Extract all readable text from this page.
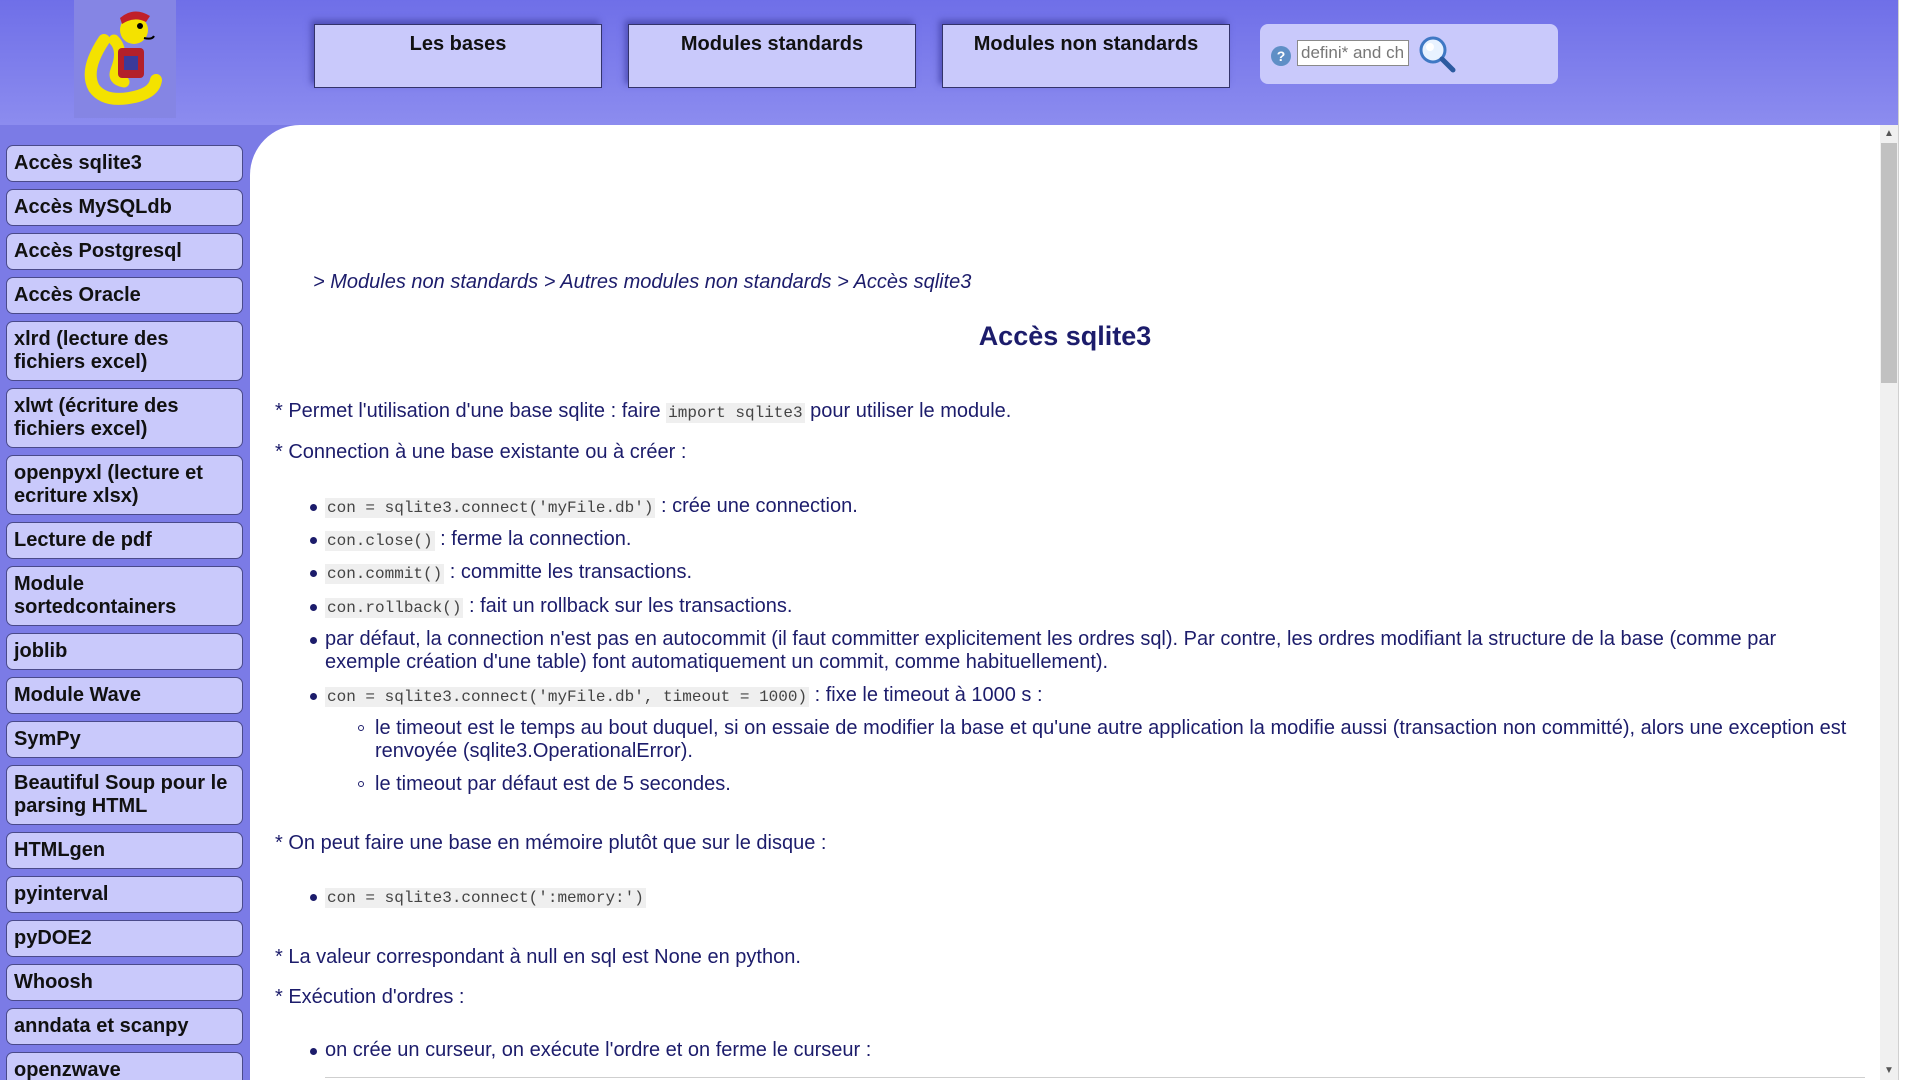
Les bases	Modules standards	Modules non standards
?
defini* and ch
Accès sqlite3
Accès MySQLdb
Accès Postgresql
Accès Oracle
xlrd (lecture des fichiers excel)
xlwt (écriture des fichiers excel)
openpyxl (lecture et ecriture xlsx)
Lecture de pdf
Module sortedcontainers
joblib
Module Wave
SymPy
Beautiful Soup pour le parsing HTML
HTMLgen
pyinterval
pyDOE2
Whoosh
anndata et scanpy
openzwave
> Modules non standards > Autres modules non standards > Accès sqlite3
Accès sqlite3
* Permet l'utilisation d'une base sqlite : faire import sqlite3 pour utiliser le module.
* Connection à une base existante ou à créer :
con = sqlite3.connect('myFile.db') : crée une connection.
con.close() : ferme la connection.
con.commit() : committe les transactions.
con.rollback() : fait un rollback sur les transactions.
par défaut, la connection n'est pas en autocommit (il faut committer explicitement les ordres sql). Par contre, les ordres modifiant la structure de la base (comme par exemple création d'une table) font automatiquement un commit, comme habituellement).
con = sqlite3.connect('myFile.db', timeout = 1000) : fixe le timeout à 1000 s :
le timeout est le temps au bout duquel, si on essaie de modifier la base et qu'une autre application la modifie aussi (transaction non committé), alors une exception est renvoyée (sqlite3.OperationalError).
le timeout par défaut est de 5 secondes.
* On peut faire une base en mémoire plutôt que sur le disque :
con = sqlite3.connect(':memory:')
* La valeur correspondant à null en sql est None en python.
* Exécution d'ordres :
on crée un curseur, on exécute l'ordre et on ferme le curseur :
▲
▼
